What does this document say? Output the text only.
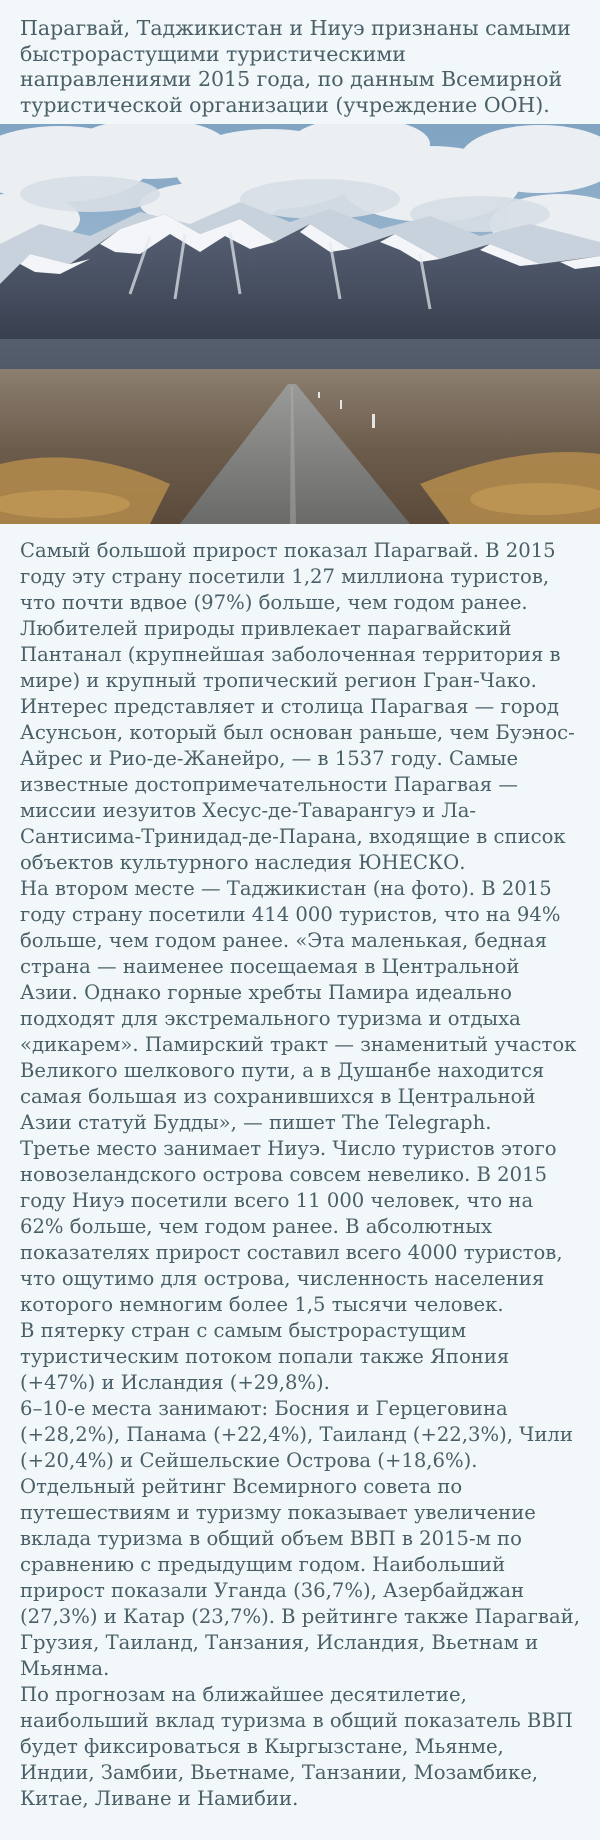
Парагвай, Таджикистан и Ниуэ признаны самыми быстрорастущими туристическими направлениями 2015 года, по данным Всемирной туристической организации (учреждение ООН).

Самый большой прирост показал Парагвай. В 2015 году эту страну посетили 1,27 миллиона туристов, что почти вдвое (97%) больше, чем годом ранее. Любителей природы привлекает парагвайский Пантанал (крупнейшая заболоченная территория в мире) и крупный тропический регион Гран-Чако. Интерес представляет и столица Парагвая — город Асунсьон, который был основан раньше, чем Буэнос-Айрес и Рио-де-Жанейро, — в 1537 году. Самые известные достопримечательности Парагвая — миссии иезуитов Хесус-де-Таварангуэ и Ла-Сантисима-Тринидад-де-Парана, входящие в список объектов культурного наследия ЮНЕСКО.

На втором месте — Таджикистан (на фото). В 2015 году страну посетили 414 000 туристов, что на 94% больше, чем годом ранее. «Эта маленькая, бедная страна — наименее посещаемая в Центральной Азии. Однако горные хребты Памира идеально подходят для экстремального туризма и отдыха «дикарем». Памирский тракт — знаменитый участок Великого шелкового пути, а в Душанбе находится самая большая из сохранившихся в Центральной Азии статуй Будды», — пишет The Telegraph.

Третье место занимает Ниуэ. Число туристов этого новозеландского острова совсем невелико. В 2015 году Ниуэ посетили всего 11 000 человек, что на 62% больше, чем годом ранее. В абсолютных показателях прирост составил всего 4000 туристов, что ощутимо для острова, численность населения которого немногим более 1,5 тысячи человек.

В пятерку стран с самым быстрорастущим туристическим потоком попали также Япония (+47%) и Исландия (+29,8%).

6–10-е места занимают: Босния и Герцеговина (+28,2%), Панама (+22,4%), Таиланд (+22,3%), Чили (+20,4%) и Сейшельские Острова (+18,6%).

Отдельный рейтинг Всемирного совета по путешествиям и туризму показывает увеличение вклада туризма в общий объем ВВП в 2015-м по сравнению с предыдущим годом. Наибольший прирост показали Уганда (36,7%), Азербайджан (27,3%) и Катар (23,7%). В рейтинге также Парагвай, Грузия, Таиланд, Танзания, Исландия, Вьетнам и Мьянма.

По прогнозам на ближайшее десятилетие, наибольший вклад туризма в общий показатель ВВП будет фиксироваться в Кыргызстане, Мьянме, Индии, Замбии, Вьетнаме, Танзании, Мозамбике, Китае, Ливане и Намибии.
